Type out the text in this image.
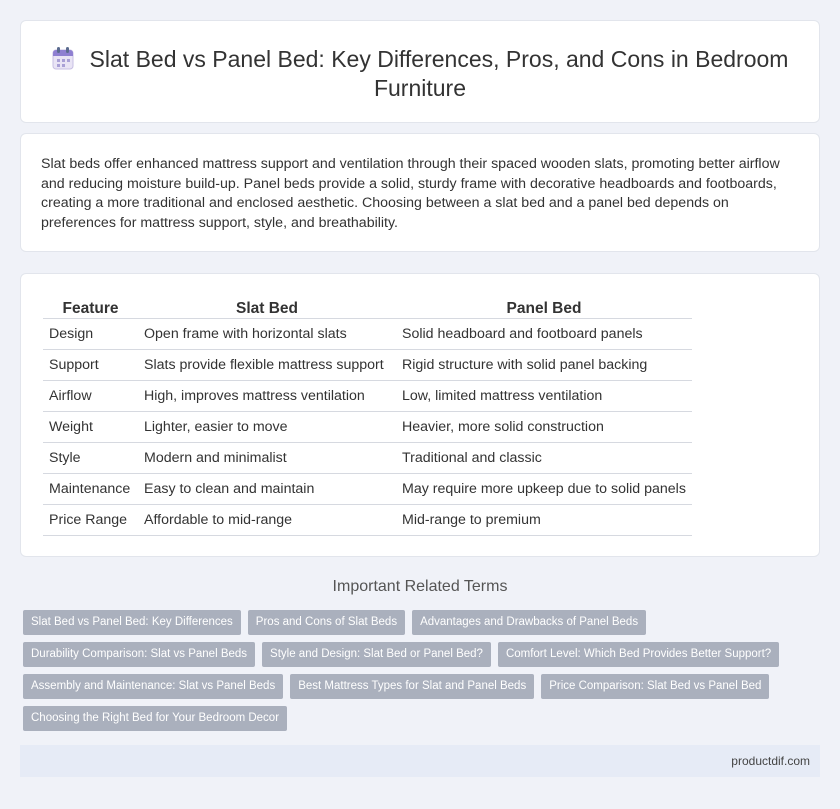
Slat Bed vs Panel Bed: Key Differences, Pros, and Cons in Bedroom Furniture

Slat beds offer enhanced mattress support and ventilation through their spaced wooden slats, promoting better airflow and reducing moisture build-up. Panel beds provide a solid, sturdy frame with decorative headboards and footboards, creating a more traditional and enclosed aesthetic. Choosing between a slat bed and a panel bed depends on preferences for mattress support, style, and breathability.

Feature	Slat Bed	Panel Bed
Design	Open frame with horizontal slats	Solid headboard and footboard panels
Support	Slats provide flexible mattress support	Rigid structure with solid panel backing
Airflow	High, improves mattress ventilation	Low, limited mattress ventilation
Weight	Lighter, easier to move	Heavier, more solid construction
Style	Modern and minimalist	Traditional and classic
Maintenance	Easy to clean and maintain	May require more upkeep due to solid panels
Price Range	Affordable to mid-range	Mid-range to premium
Important Related Terms
Slat Bed vs Panel Bed: Key Differences	Pros and Cons of Slat Beds	Advantages and Drawbacks of Panel Beds
Durability Comparison: Slat vs Panel Beds	Style and Design: Slat Bed or Panel Bed?	Comfort Level: Which Bed Provides Better Support?
Assembly and Maintenance: Slat vs Panel Beds	Best Mattress Types for Slat and Panel Beds	Price Comparison: Slat Bed vs Panel Bed
Choosing the Right Bed for Your Bedroom Decor
productdif.com
